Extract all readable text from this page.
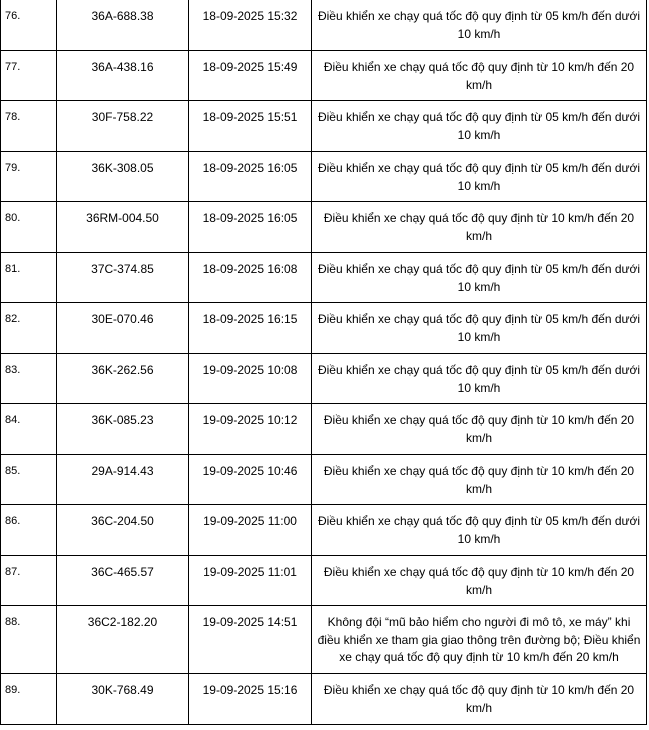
76.	36A-688.38	18-09-2025 15:32	Điều khiển xe chạy quá tốc độ quy định từ 05 km/h đến dưới 10 km/h
77.	36A-438.16	18-09-2025 15:49	Điều khiển xe chạy quá tốc độ quy định từ 10 km/h đến 20 km/h
78.	30F-758.22	18-09-2025 15:51	Điều khiển xe chạy quá tốc độ quy định từ 05 km/h đến dưới 10 km/h
79.	36K-308.05	18-09-2025 16:05	Điều khiển xe chạy quá tốc độ quy định từ 05 km/h đến dưới 10 km/h
80.	36RM-004.50	18-09-2025 16:05	Điều khiển xe chạy quá tốc độ quy định từ 10 km/h đến 20 km/h
81.	37C-374.85	18-09-2025 16:08	Điều khiển xe chạy quá tốc độ quy định từ 05 km/h đến dưới 10 km/h
82.	30E-070.46	18-09-2025 16:15	Điều khiển xe chạy quá tốc độ quy định từ 05 km/h đến dưới 10 km/h
83.	36K-262.56	19-09-2025 10:08	Điều khiển xe chạy quá tốc độ quy định từ 05 km/h đến dưới 10 km/h
84.	36K-085.23	19-09-2025 10:12	Điều khiển xe chạy quá tốc độ quy định từ 10 km/h đến 20 km/h
85.	29A-914.43	19-09-2025 10:46	Điều khiển xe chạy quá tốc độ quy định từ 10 km/h đến 20 km/h
86.	36C-204.50	19-09-2025 11:00	Điều khiển xe chạy quá tốc độ quy định từ 05 km/h đến dưới 10 km/h
87.	36C-465.57	19-09-2025 11:01	Điều khiển xe chạy quá tốc độ quy định từ 10 km/h đến 20 km/h
88.	36C2-182.20	19-09-2025 14:51	Không đội “mũ bảo hiểm cho người đi mô tô, xe máy” khi điều khiển xe tham gia giao thông trên đường bộ; Điều khiển xe chạy quá tốc độ quy định từ 10 km/h đến 20 km/h
89.	30K-768.49	19-09-2025 15:16	Điều khiển xe chạy quá tốc độ quy định từ 10 km/h đến 20 km/h
